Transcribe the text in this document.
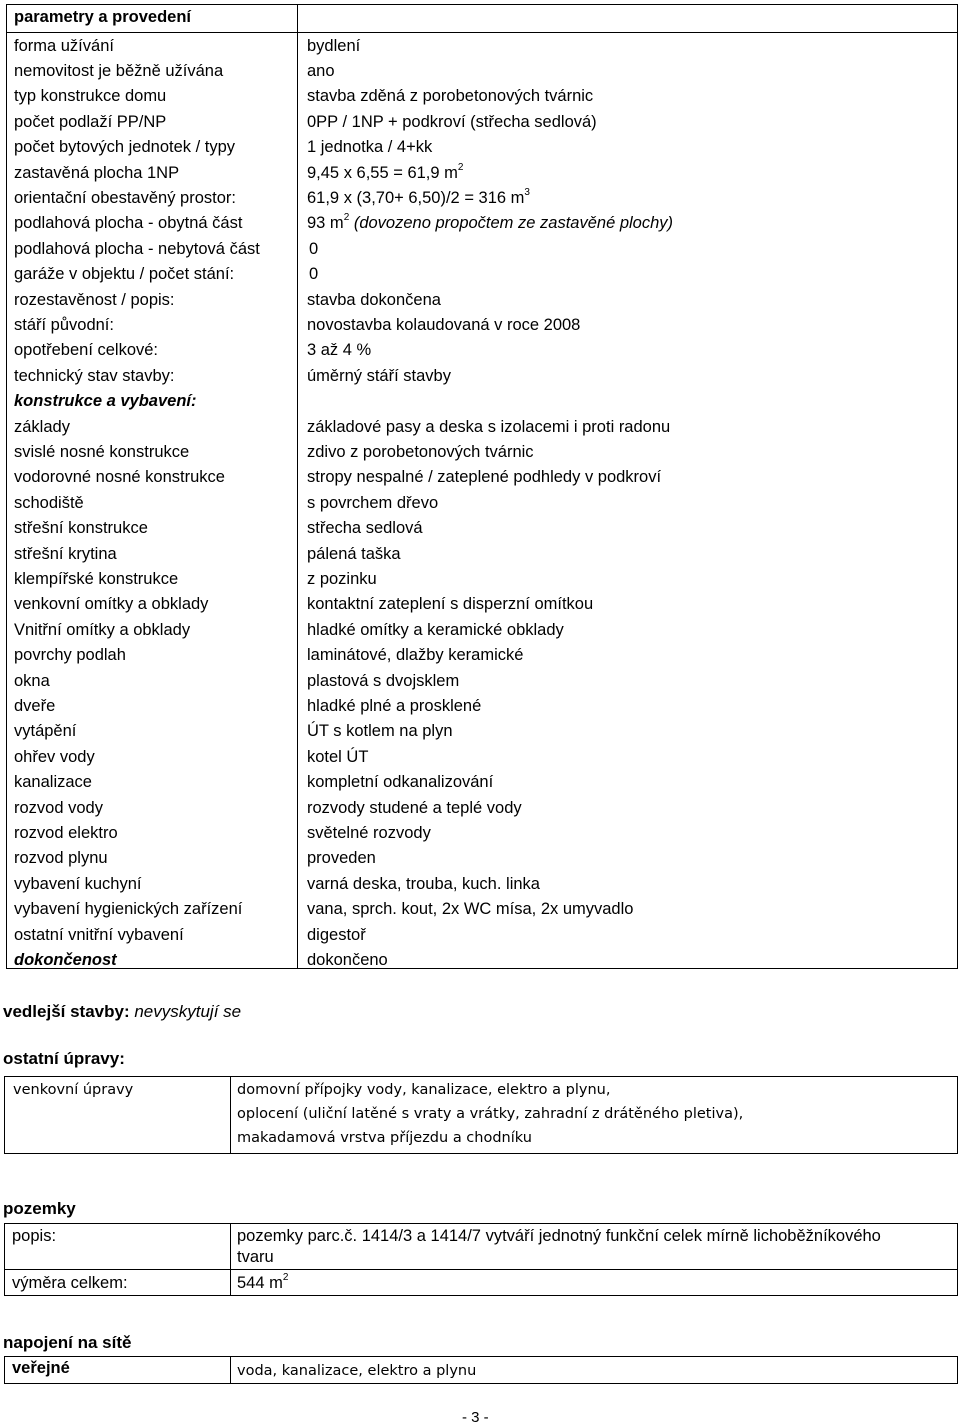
parametry a provedení
forma užívání	bydlení
nemovitost je běžně užívána	ano
typ konstrukce domu	stavba zděná z porobetonových tvárnic
počet podlaží PP/NP	0PP / 1NP + podkroví (střecha sedlová)
počet bytových jednotek / typy	1 jednotka / 4+kk
zastavěná plocha 1NP	9,45 x 6,55 = 61,9 $m^2$
orientační obestavěný prostor:	61,9 x (3,70+ 6,50)/2 = 316 $m^3$
podlahová plocha - obytná část	93 $m^2$ (dovozeno propočtem ze zastavěné plochy)
podlahová plocha - nebytová část	0
garáže v objektu / počet stání:	0
rozestavěnost / popis:	stavba dokončena
stáří původní:	novostavba kolaudovaná v roce 2008
opotřebení celkové:	3 až 4 %
technický stav stavby:	úměrný stáří stavby
konstrukce a vybavení:
základy	základové pasy a deska s izolacemi i proti radonu
svislé nosné konstrukce	zdivo z porobetonových tvárnic
vodorovné nosné konstrukce	stropy nespalné / zateplené podhledy v podkroví
schodiště	s povrchem dřevo
střešní konstrukce	střecha sedlová
střešní krytina	pálená taška
klempířské konstrukce	z pozinku
venkovní omítky a obklady	kontaktní zateplení s disperzní omítkou
Vnitřní omítky a obklady	hladké omítky a keramické obklady
povrchy podlah	laminátové, dlažby keramické
okna	plastová s dvojsklem
dveře	hladké plné a prosklené
vytápění	ÚT s kotlem na plyn
ohřev vody	kotel ÚT
kanalizace	kompletní odkanalizování
rozvod vody	rozvody studené a teplé vody
rozvod elektro	světelné rozvody
rozvod plynu	proveden
vybavení kuchyní	varná deska, trouba, kuch. linka
vybavení hygienických zařízení	vana, sprch. kout, 2x WC mísa, 2x umyvadlo
ostatní vnitřní vybavení	digestoř
dokončenost	dokončeno
vedlejší stavby: nevyskytují se
ostatní úpravy:
venkovní úpravy	domovní přípojky vody, kanalizace, elektro a plynu,
oplocení (uliční latěné s vraty a vrátky, zahradní z drátěného pletiva),
makadamová vrstva příjezdu a chodníku
pozemky
popis:	pozemky parc.č. 1414/3 a 1414/7 vytváří jednotný funkční celek mírně lichoběžníkového
tvaru
výměra celkem:	544 $m^2$
napojení na sítě
veřejné	voda, kanalizace, elektro a plynu
- 3 -
